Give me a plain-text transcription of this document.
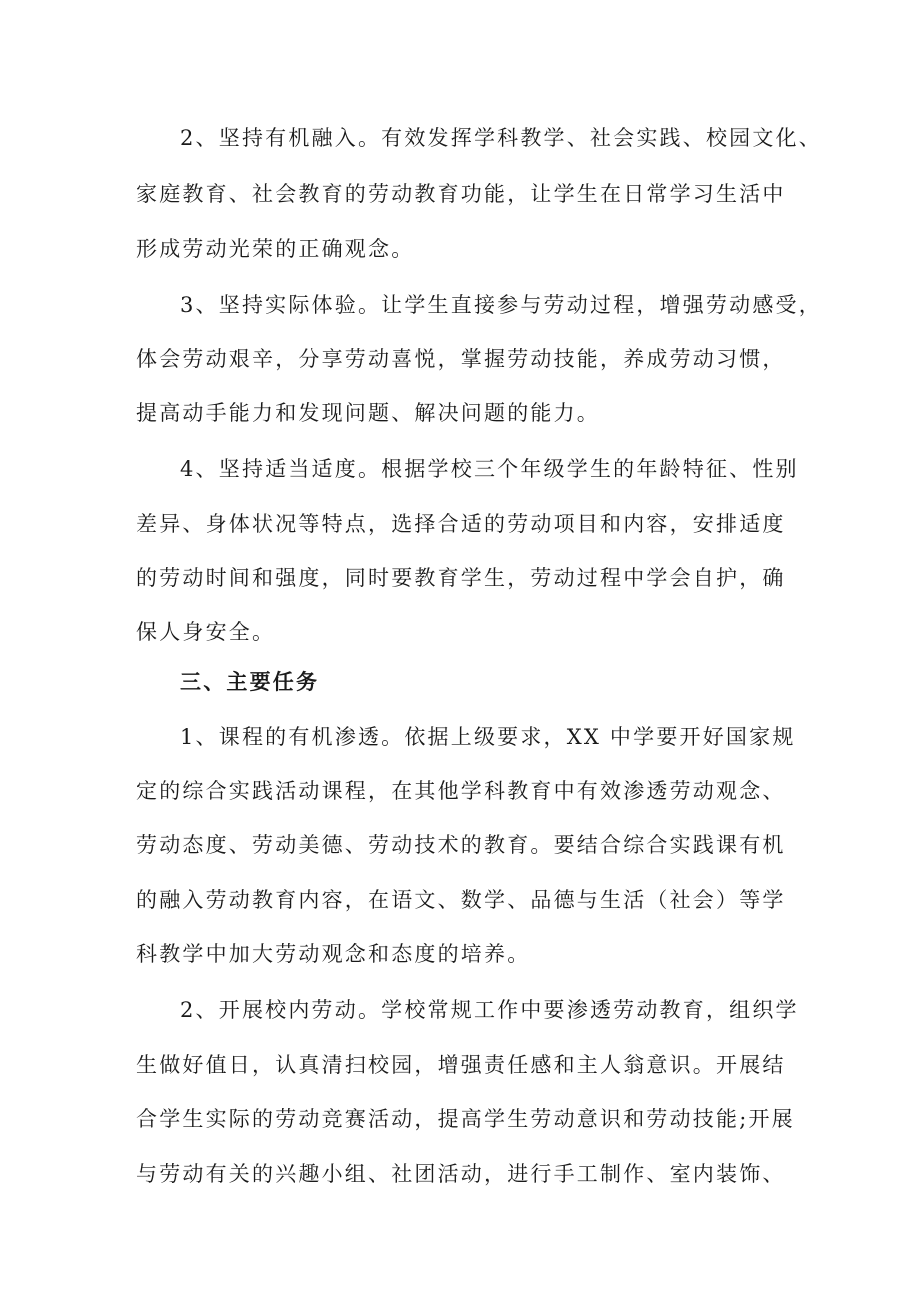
2、坚持有机融入。有效发挥学科教学、社会实践、校园文化、
家庭教育、社会教育的劳动教育功能，让学生在日常学习生活中
形成劳动光荣的正确观念。
3、坚持实际体验。让学生直接参与劳动过程，增强劳动感受，
体会劳动艰辛，分享劳动喜悦，掌握劳动技能，养成劳动习惯，
提高动手能力和发现问题、解决问题的能力。
4、坚持适当适度。根据学校三个年级学生的年龄特征、性别
差异、身体状况等特点，选择合适的劳动项目和内容，安排适度
的劳动时间和强度，同时要教育学生，劳动过程中学会自护，确
保人身安全。
三、主要任务
1、课程的有机渗透。依据上级要求，XX 中学要开好国家规
定的综合实践活动课程，在其他学科教育中有效渗透劳动观念、
劳动态度、劳动美德、劳动技术的教育。要结合综合实践课有机
的融入劳动教育内容，在语文、数学、品德与生活（社会）等学
科教学中加大劳动观念和态度的培养。
2、开展校内劳动。学校常规工作中要渗透劳动教育，组织学
生做好值日，认真清扫校园，增强责任感和主人翁意识。开展结
合学生实际的劳动竞赛活动，提高学生劳动意识和劳动技能;开展
与劳动有关的兴趣小组、社团活动，进行手工制作、室内装饰、
